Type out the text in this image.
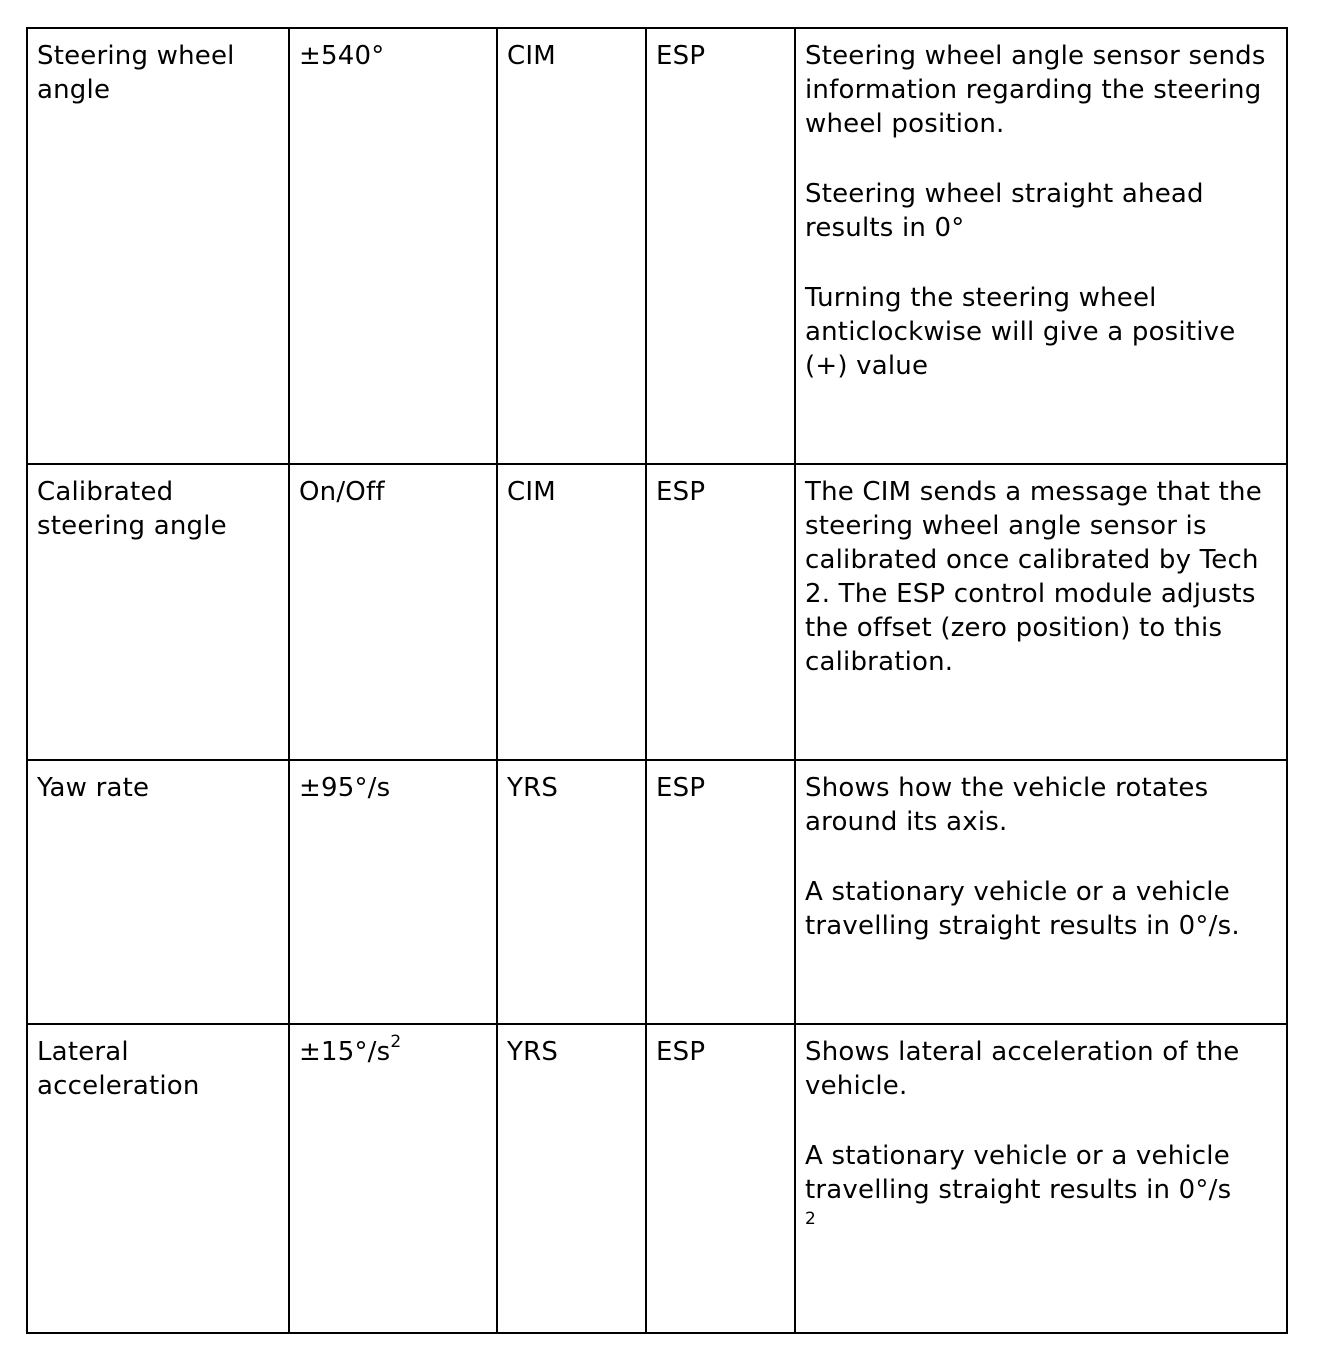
Steering wheel angle	±540°	CIM	ESP	Steering wheel angle sensor sends information regarding the steering wheel position.
Steering wheel straight ahead results in 0°
Turning the steering wheel anticlockwise will give a positive (+) value

Calibrated steering angle	On/Off	CIM	ESP	The CIM sends a message that the steering wheel angle sensor is calibrated once calibrated by Tech 2. The ESP control module adjusts the offset (zero position) to this calibration.

Yaw rate	±95°/s	YRS	ESP	Shows how the vehicle rotates around its axis.
A stationary vehicle or a vehicle travelling straight results in 0°/s.

Lateral acceleration	$\pm 15^\circ/s^2$	YRS	ESP	Shows lateral acceleration of the vehicle.
A stationary vehicle or a vehicle travelling straight results in 0°/s
2
